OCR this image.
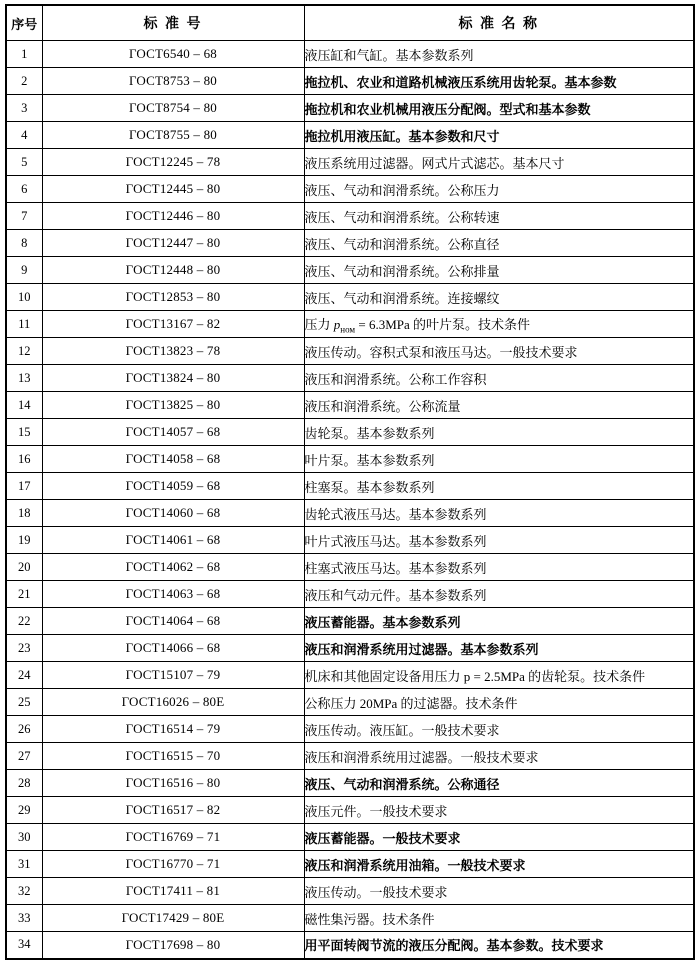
序号	标 准 号	标 准 名 称
1	ГОСТ6540 – 68	液压缸和气缸。基本参数系列
2	ГОСТ8753 – 80	拖拉机、农业和道路机械液压系统用齿轮泵。基本参数
3	ГОСТ8754 – 80	拖拉机和农业机械用液压分配阀。型式和基本参数
4	ГОСТ8755 – 80	拖拉机用液压缸。基本参数和尺寸
5	ГОСТ12245 – 78	液压系统用过滤器。网式片式滤芯。基本尺寸
6	ГОСТ12445 – 80	液压、气动和润滑系统。公称压力
7	ГОСТ12446 – 80	液压、气动和润滑系统。公称转速
8	ГОСТ12447 – 80	液压、气动和润滑系统。公称直径
9	ГОСТ12448 – 80	液压、气动和润滑系统。公称排量
10	ГОСТ12853 – 80	液压、气动和润滑系统。连接螺纹
11	ГОСТ13167 – 82	压力 $p_{ном} = 6.3MPa$ 的叶片泵。技术条件
12	ГОСТ13823 – 78	液压传动。容积式泵和液压马达。一般技术要求
13	ГОСТ13824 – 80	液压和润滑系统。公称工作容积
14	ГОСТ13825 – 80	液压和润滑系统。公称流量
15	ГОСТ14057 – 68	齿轮泵。基本参数系列
16	ГОСТ14058 – 68	叶片泵。基本参数系列
17	ГОСТ14059 – 68	柱塞泵。基本参数系列
18	ГОСТ14060 – 68	齿轮式液压马达。基本参数系列
19	ГОСТ14061 – 68	叶片式液压马达。基本参数系列
20	ГОСТ14062 – 68	柱塞式液压马达。基本参数系列
21	ГОСТ14063 – 68	液压和气动元件。基本参数系列
22	ГОСТ14064 – 68	液压蓄能器。基本参数系列
23	ГОСТ14066 – 68	液压和润滑系统用过滤器。基本参数系列
24	ГОСТ15107 – 79	机床和其他固定设备用压力 p = 2.5MPa 的齿轮泵。技术条件
25	ГОСТ16026 – 80Е	公称压力 20MPa 的过滤器。技术条件
26	ГОСТ16514 – 79	液压传动。液压缸。一般技术要求
27	ГОСТ16515 – 70	液压和润滑系统用过滤器。一般技术要求
28	ГОСТ16516 – 80	液压、气动和润滑系统。公称通径
29	ГОСТ16517 – 82	液压元件。一般技术要求
30	ГОСТ16769 – 71	液压蓄能器。一般技术要求
31	ГОСТ16770 – 71	液压和润滑系统用油箱。一般技术要求
32	ГОСТ17411 – 81	液压传动。一般技术要求
33	ГОСТ17429 – 80Е	磁性集污器。技术条件
34	ГОСТ17698 – 80	用平面转阀节流的液压分配阀。基本参数。技术要求
